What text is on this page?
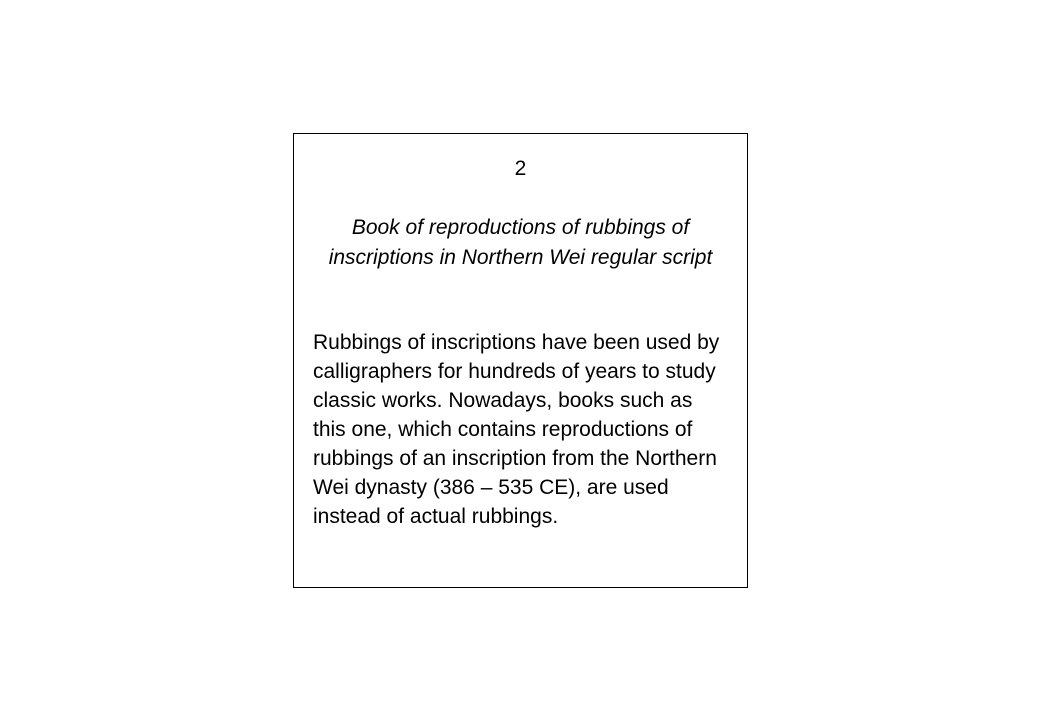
2
Book of reproductions of rubbings of inscriptions in Northern Wei regular script
Rubbings of inscriptions have been used by calligraphers for hundreds of years to study classic works. Nowadays, books such as this one, which contains reproductions of rubbings of an inscription from the Northern Wei dynasty (386 – 535 CE), are used instead of actual rubbings.
